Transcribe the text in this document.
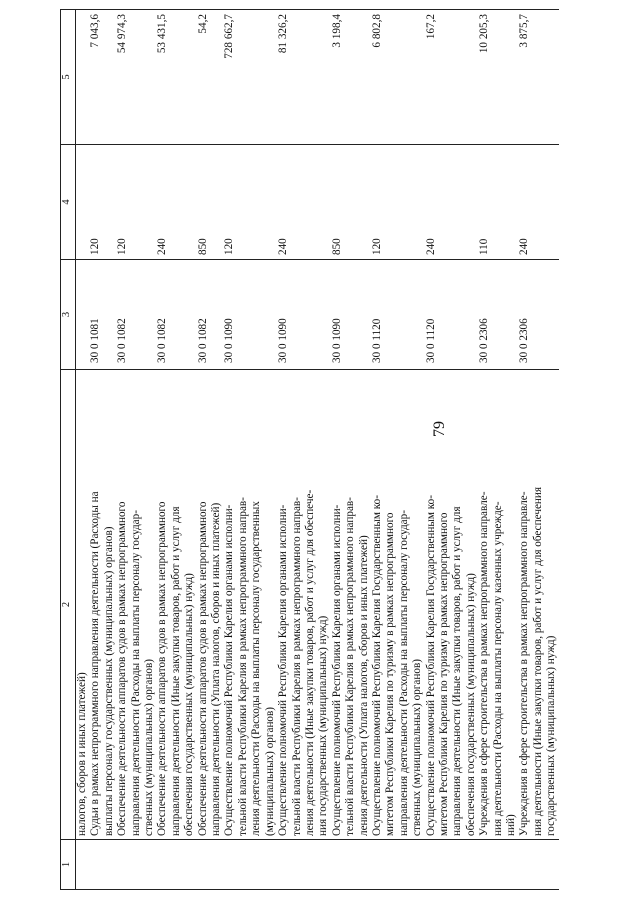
79
1	2	3	4	5
	налогов, сборов и иных платежей)			
	Судьи в рамках непрограммного направления деятельности (Расходы на
выплаты персоналу государственных (муниципальных) органов)	30 0 1081	120	7 043,6
	Обеспечение деятельности аппаратов судов в рамках непрограммного
направления деятельности (Расходы на выплаты персоналу государ-
ственных (муниципальных) органов)	30 0 1082	120	54 974,3
	Обеспечение деятельности аппаратов судов в рамках непрограммного
направления деятельности (Иные закупки товаров, работ и услуг для
обеспечения государственных (муниципальных) нужд)	30 0 1082	240	53 431,5
	Обеспечение деятельности аппаратов судов в рамках непрограммного
направления деятельности (Уплата налогов, сборов и иных платежей)	30 0 1082	850	54,2
	Осуществление полномочий Республики Карелия органами исполни-
тельной власти Республики Карелия в рамках непрограммного направ-
ления деятельности (Расходы на выплаты персоналу государственных
(муниципальных) органов)	30 0 1090	120	728 662,7
	Осуществление полномочий Республики Карелия органами исполни-
тельной власти Республики Карелия в рамках непрограммного направ-
ления деятельности (Иные закупки товаров, работ и услуг для обеспече-
ния государственных (муниципальных) нужд)	30 0 1090	240	81 326,2
	Осуществление полномочий Республики Карелия органами исполни-
тельной власти Республики Карелия в рамках непрограммного направ-
ления деятельности (Уплата налогов, сборов и иных платежей)	30 0 1090	850	3 198,4
	Осуществление полномочий Республики Карелия Государственным ко-
митетом Республики Карелия по туризму в рамках непрограммного
направления деятельности (Расходы на выплаты персоналу государ-
ственных (муниципальных) органов)	30 0 1120	120	6 802,8
	Осуществление полномочий Республики Карелия Государственным ко-
митетом Республики Карелия по туризму в рамках непрограммного
направления деятельности (Иные закупки товаров, работ и услуг для
обеспечения государственных (муниципальных) нужд)	30 0 1120	240	167,2
	Учреждения в сфере строительства в рамках непрограммного направле-
ния деятельности (Расходы на выплаты персоналу казенных учрежде-
ний)	30 0 2306	110	10 205,3
	Учреждения в сфере строительства в рамках непрограммного направле-
ния деятельности (Иные закупки товаров, работ и услуг для обеспечения
государственных (муниципальных) нужд)	30 0 2306	240	3 875,7
